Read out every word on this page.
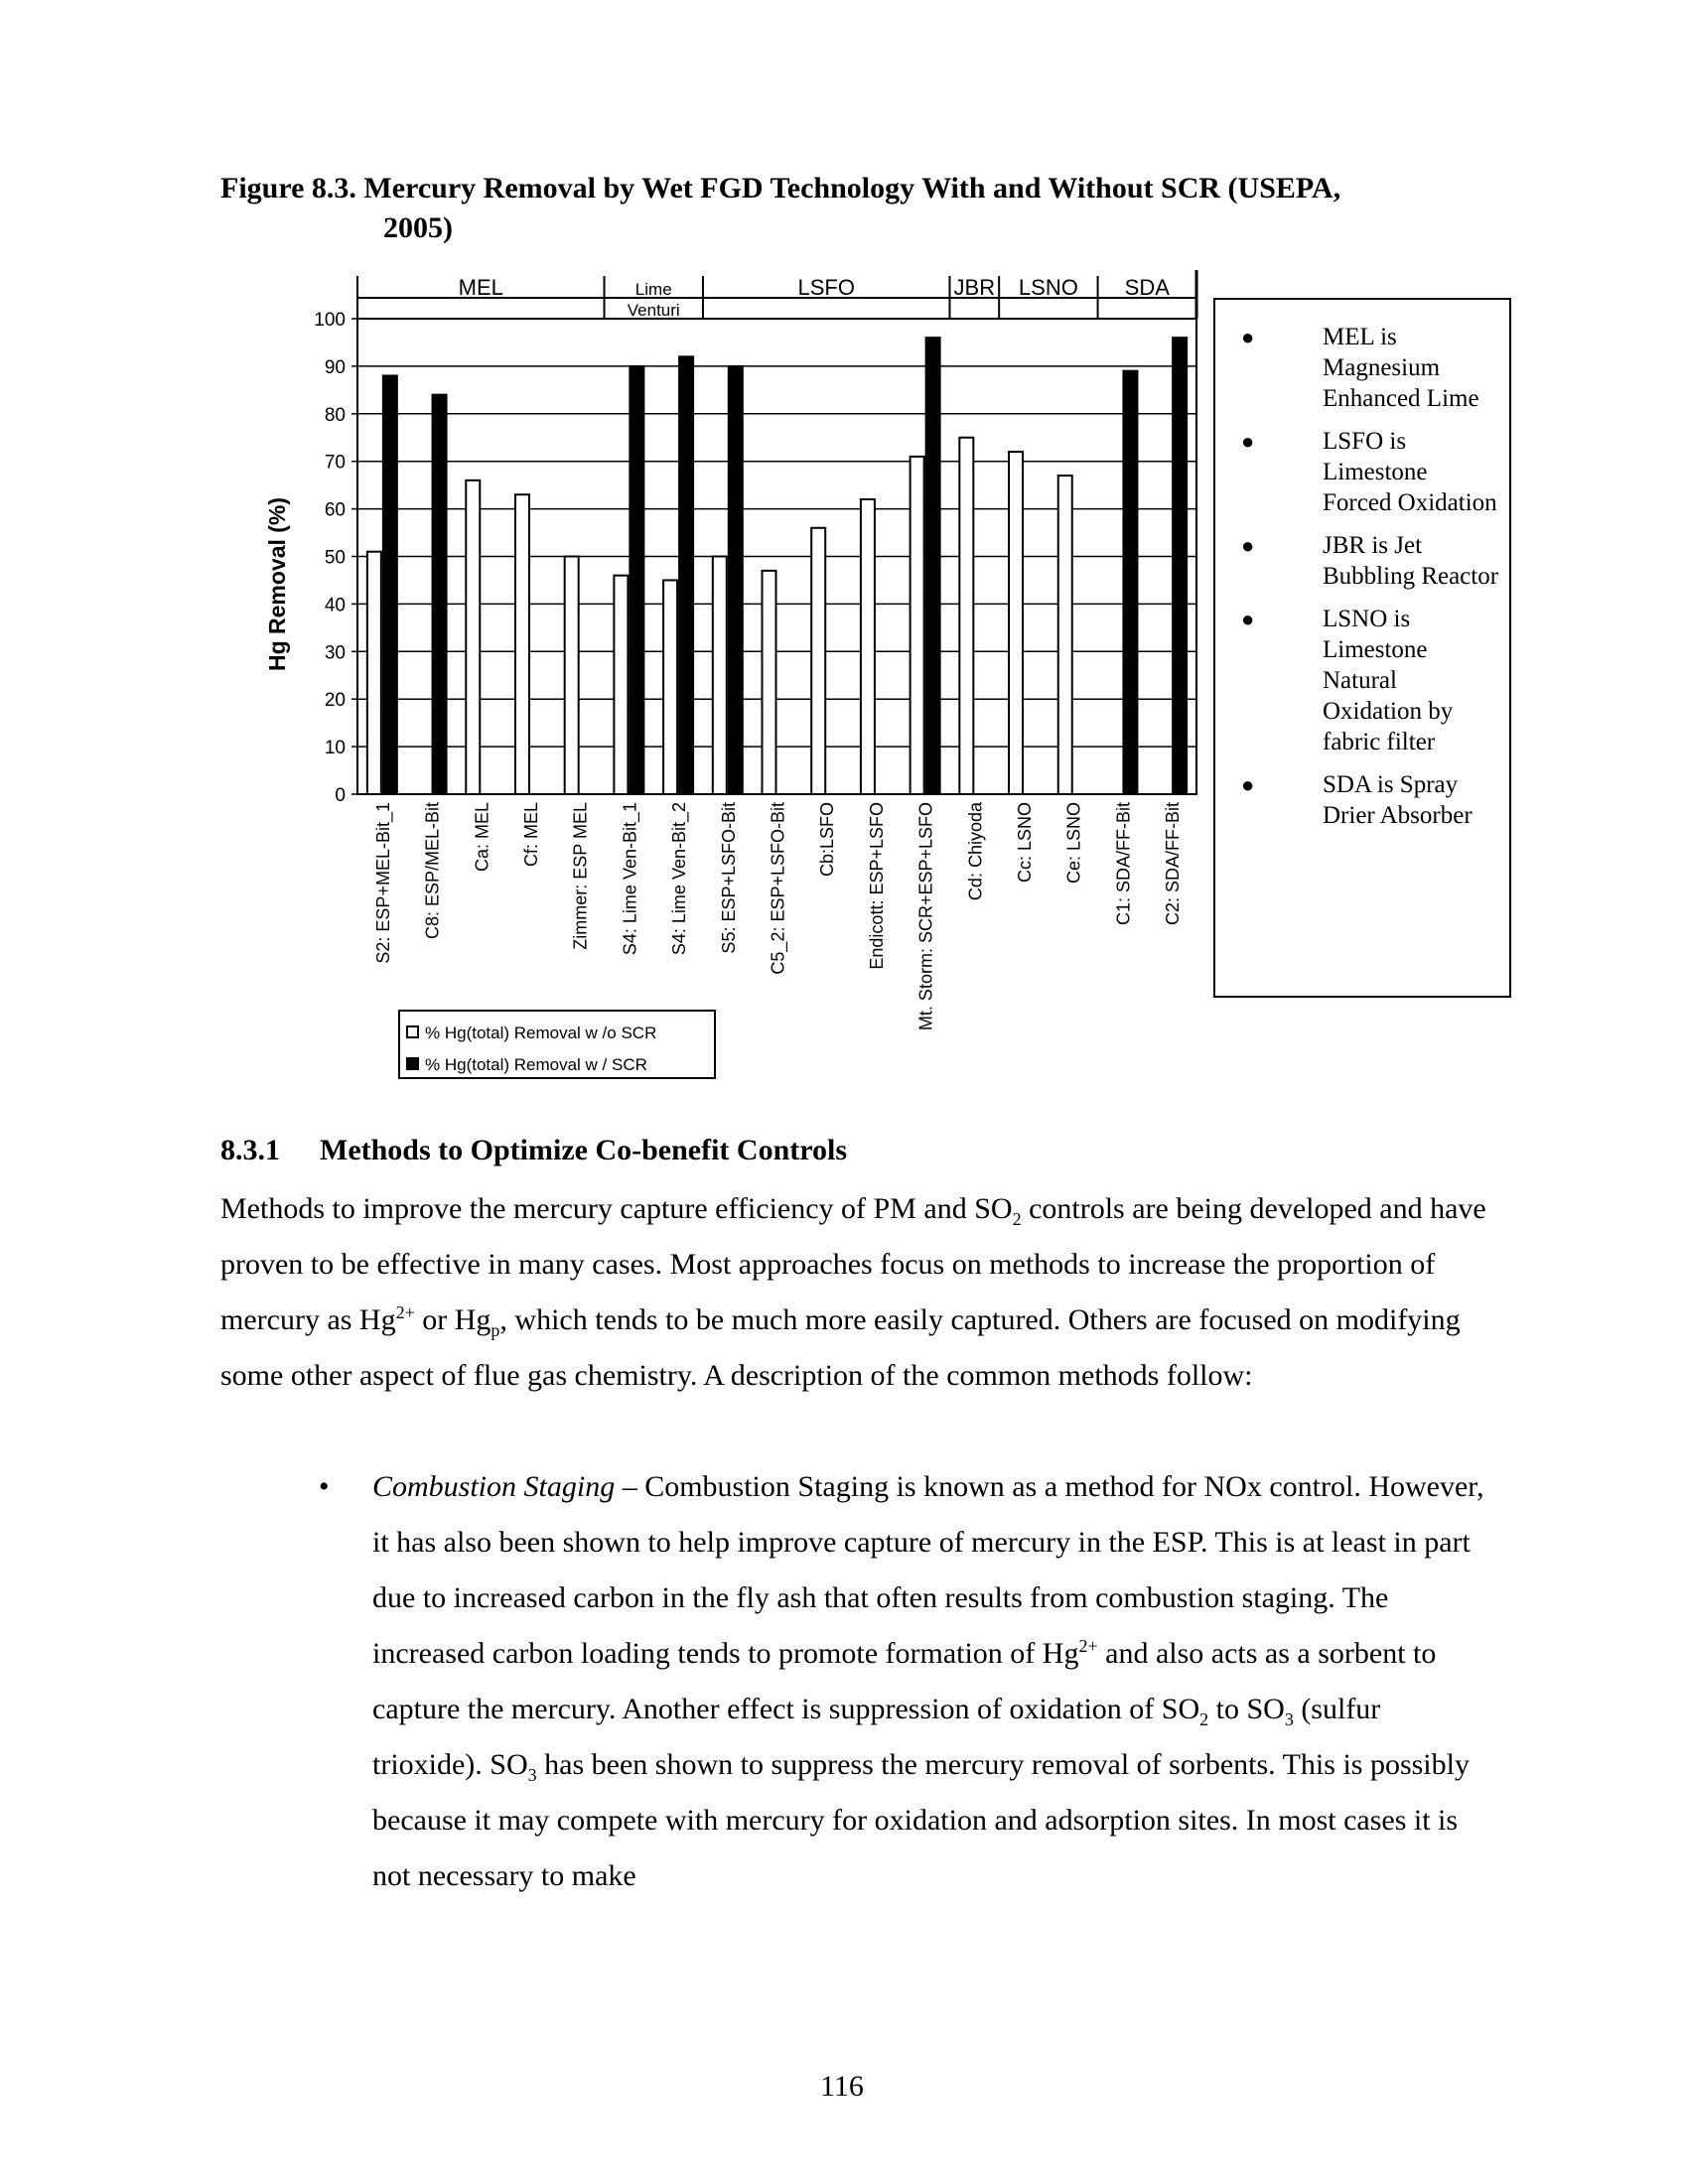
Figure 8.3. Mercury Removal by Wet FGD Technology With and Without SCR (USEPA,
2005)
0
10
20
30
40
50
60
70
80
90
100
Hg Removal (%)
MEL	Lime
Venturi
LSFO	JBR LSNO SDA
S2: ESP+MEL-Bit_1 C8: ESP/MEL-Bit Ca: MEL Cf: MEL Zimmer: ESP MEL S4: Lime Ven-Bit_1 S4: Lime Ven-Bit_2 S5: ESP+LSFO-Bit C5_2: ESP+LSFO-Bit Cb:LSFO Endicott: ESP+LSFO Mt. Storm: SCR+ESP+LSFO Cd: Chiyoda Cc: LSNO Ce: LSNO C1: SDA/FF-Bit C2: SDA/FF-Bit
% Hg(total) Removal w /o SCR
% Hg(total) Removal w / SCR
●	MEL is Magnesium Enhanced Lime
●	LSFO is Limestone Forced Oxidation
●	JBR is Jet Bubbling Reactor
●	LSNO is Limestone Natural Oxidation by fabric filter
●	SDA is Spray Drier Absorber
8.3.1 Methods to Optimize Co-benefit Controls
Methods to improve the mercury capture efficiency of PM and $SO_2$ controls are being developed and have proven to be effective in many cases. Most approaches focus on methods to increase the proportion of mercury as $Hg^{2+}$ or $Hg_p$, which tends to be much more easily captured. Others are focused on modifying some other aspect of flue gas chemistry. A description of the common methods follow:
• Combustion Staging – Combustion Staging is known as a method for NOx control. However, it has also been shown to help improve capture of mercury in the ESP. This is at least in part due to increased carbon in the fly ash that often results from combustion staging. The increased carbon loading tends to promote formation of $Hg^{2+}$ and also acts as a sorbent to capture the mercury. Another effect is suppression of oxidation of $SO_2$ to $SO_3$ (sulfur trioxide). $SO_3$ has been shown to suppress the mercury removal of sorbents. This is possibly because it may compete with mercury for oxidation and adsorption sites. In most cases it is not necessary to make
116
